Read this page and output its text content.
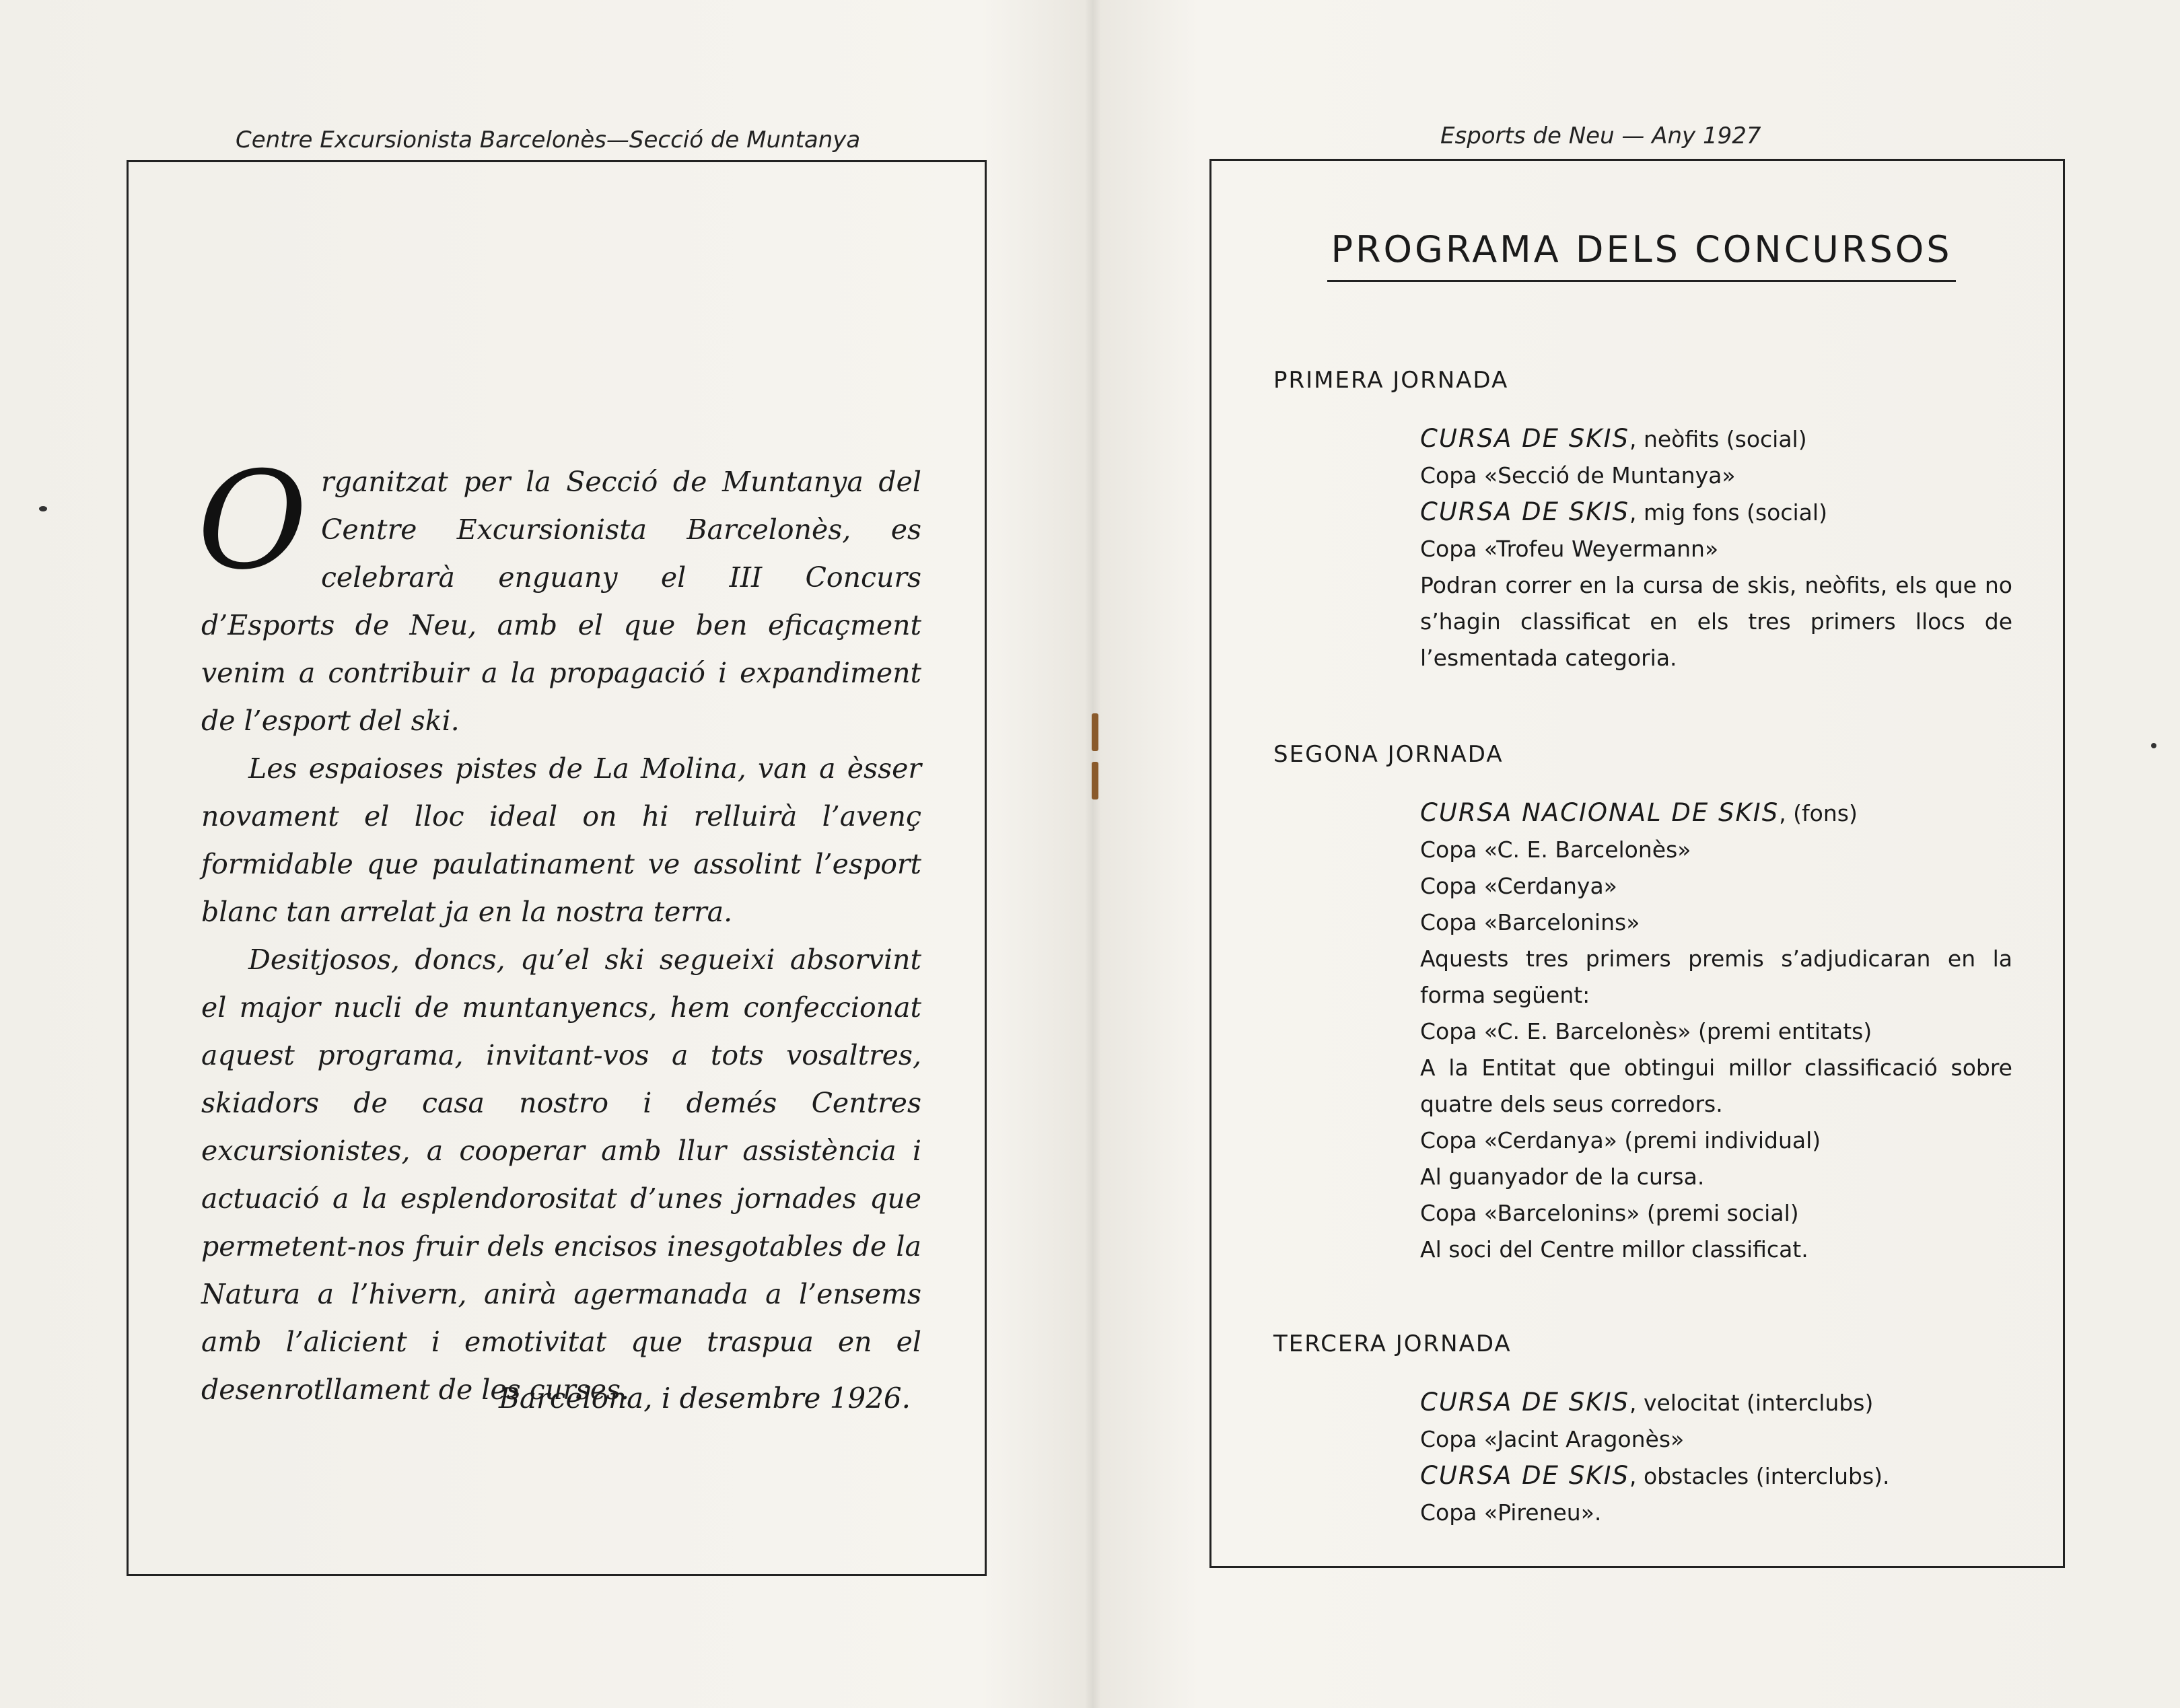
Centre Excursionista Barcelonès—Secció de Muntanya

Organitzat per la Secció de Muntanya del Centre Excursionista Barcelonès, es celebrarà enguany el III Concurs d’Esports de Neu, amb el que ben eficaçment venim a contribuir a la propagació i expandiment de l’esport del ski.

Les espaioses pistes de La Molina, van a èsser novament el lloc ideal on hi relluirà l’avenç formidable que paulatinament ve assolint l’esport blanc tan arrelat ja en la nostra terra.

Desitjosos, doncs, qu’el ski segueixi absorvint el major nucli de muntanyencs, hem confeccionat aquest programa, invitant-vos a tots vosaltres, skiadors de casa nostro i demés Centres excursionistes, a cooperar amb llur assistència i actuació a la esplendorositat d’unes jornades que permetent-nos fruir dels encisos inesgotables de la Natura a l’hivern, anirà agermanada a l’ensems amb l’alicient i emotivitat que traspua en el desenrotllament de les curses.

Barcelona, i desembre 1926.
Esports de Neu — Any 1927
PROGRAMA DELS CONCURSOS
PRIMERA JORNADA
CURSA DE SKIS, neòfits (social)
Copa «Secció de Muntanya»
CURSA DE SKIS, mig fons (social)
Copa «Trofeu Weyermann»
Podran correr en la cursa de skis, neòfits, els que no s’hagin classificat en els tres primers llocs de l’esmentada categoria.
SEGONA JORNADA
CURSA NACIONAL DE SKIS, (fons)
Copa «C. E. Barcelonès»
Copa «Cerdanya»
Copa «Barcelonins»
Aquests tres primers premis s’adjudicaran en la forma següent:
Copa «C. E. Barcelonès» (premi entitats)
A la Entitat que obtingui millor classificació sobre quatre dels seus corredors.
Copa «Cerdanya» (premi individual)
Al guanyador de la cursa.
Copa «Barcelonins» (premi social)
Al soci del Centre millor classificat.
TERCERA JORNADA
CURSA DE SKIS, velocitat (interclubs)
Copa «Jacint Aragonès»
CURSA DE SKIS, obstacles (interclubs).
Copa «Pireneu».
